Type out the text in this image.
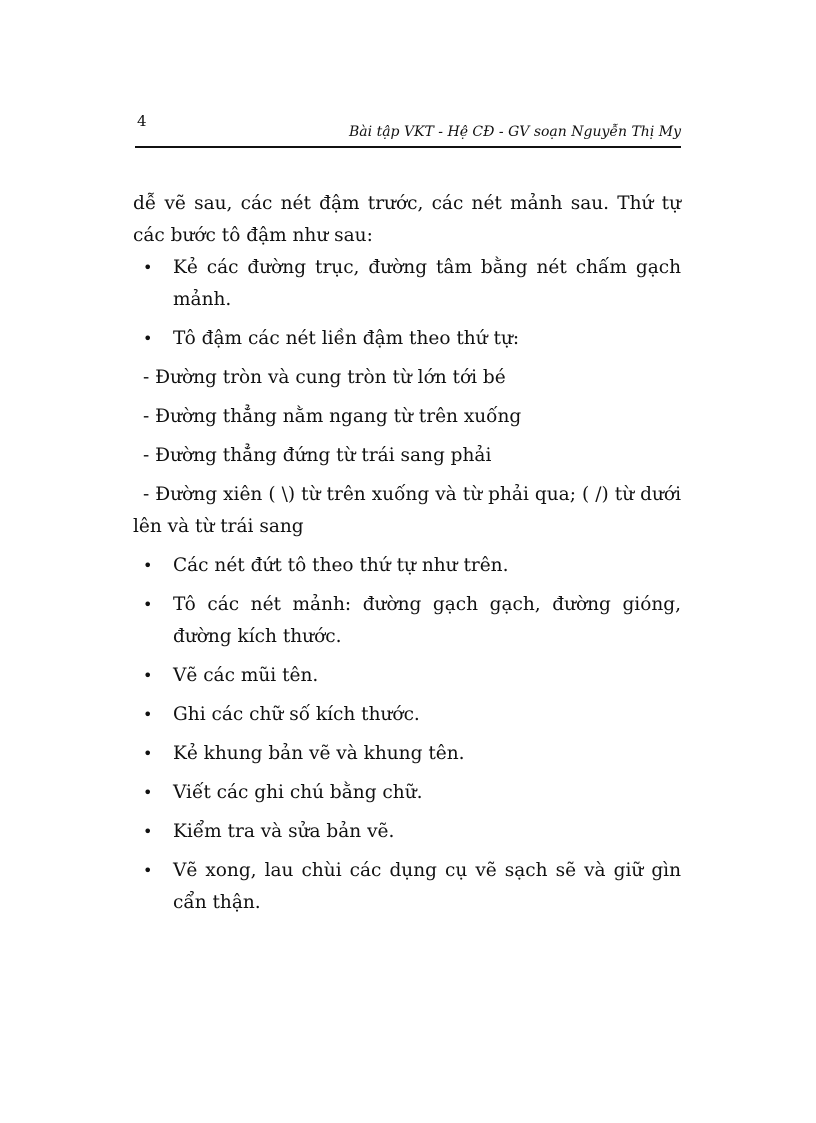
4
Bài tập VKT - Hệ CĐ - GV soạn Nguyễn Thị My

dễ vẽ sau, các nét đậm trước, các nét mảnh sau. Thứ tự các bước tô đậm như sau:

• Kẻ các đường trục, đường tâm bằng nét chấm gạch mảnh.
• Tô đậm các nét liền đậm theo thứ tự:
- Đường tròn và cung tròn từ lớn tới bé
- Đường thẳng nằm ngang từ trên xuống
- Đường thẳng đứng từ trái sang phải
- Đường xiên ( \) từ trên xuống và từ phải qua; ( /) từ dưới lên và từ trái sang
• Các nét đứt tô theo thứ tự như trên.
• Tô các nét mảnh: đường gạch gạch, đường gióng, đường kích thước.
• Vẽ các mũi tên.
• Ghi các chữ số kích thước.
• Kẻ khung bản vẽ và khung tên.
• Viết các ghi chú bằng chữ.
• Kiểm tra và sửa bản vẽ.
• Vẽ xong, lau chùi các dụng cụ vẽ sạch sẽ và giữ gìn cẩn thận.
